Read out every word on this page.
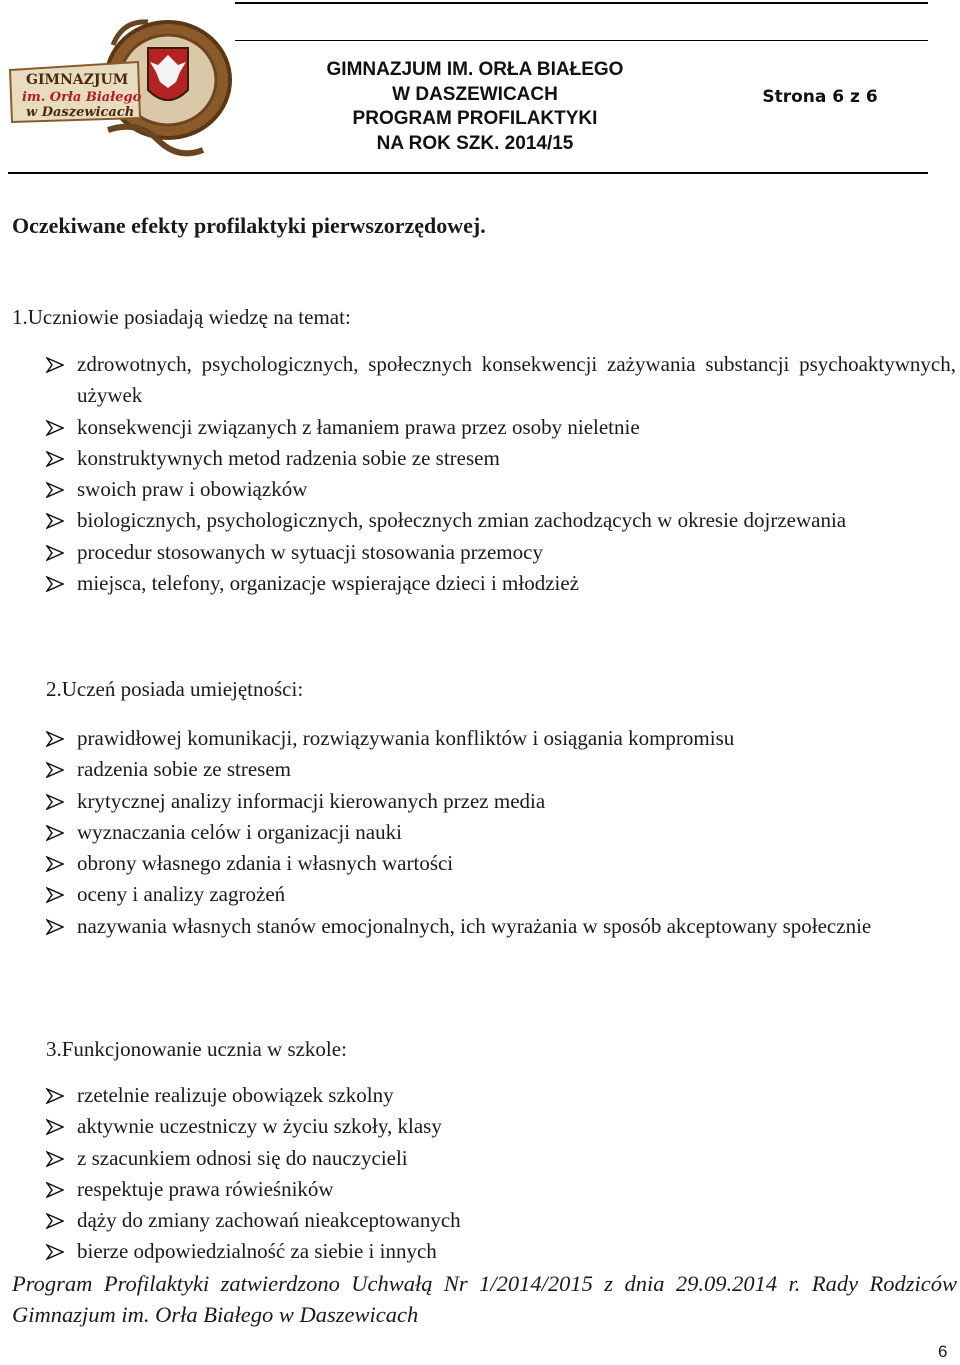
GIMNAZJUM
im. Orła Białego
w Daszewicach
GIMNAZJUM IM. ORŁA BIAŁEGO
W DASZEWICACH
PROGRAM PROFILAKTYKI
NA ROK SZK. 2014/15
Strona 6 z 6
Oczekiwane efekty profilaktyki pierwszorzędowej.
1.Uczniowie posiadają wiedzę na temat:
zdrowotnych, psychologicznych, społecznych konsekwencji zażywania substancji psychoaktywnych, używek
konsekwencji związanych z łamaniem prawa przez osoby nieletnie
konstruktywnych metod radzenia sobie ze stresem
swoich praw i obowiązków
biologicznych, psychologicznych, społecznych zmian zachodzących w okresie dojrzewania
procedur stosowanych w sytuacji stosowania przemocy
miejsca, telefony, organizacje wspierające dzieci i młodzież
2.Uczeń posiada umiejętności:
prawidłowej komunikacji, rozwiązywania konfliktów i osiągania kompromisu
radzenia sobie ze stresem
krytycznej analizy informacji kierowanych przez media
wyznaczania celów i organizacji nauki
obrony własnego zdania i własnych wartości
oceny i analizy zagrożeń
nazywania własnych stanów emocjonalnych, ich wyrażania w sposób akceptowany społecznie
3.Funkcjonowanie ucznia w szkole:
rzetelnie realizuje obowiązek szkolny
aktywnie uczestniczy w życiu szkoły, klasy
z szacunkiem odnosi się do nauczycieli
respektuje prawa rówieśników
dąży do zmiany zachowań nieakceptowanych
bierze odpowiedzialność za siebie i innych
Program Profilaktyki zatwierdzono Uchwałą Nr 1/2014/2015 z dnia 29.09.2014 r. Rady Rodziców Gimnazjum im. Orła Białego w Daszewicach
6
